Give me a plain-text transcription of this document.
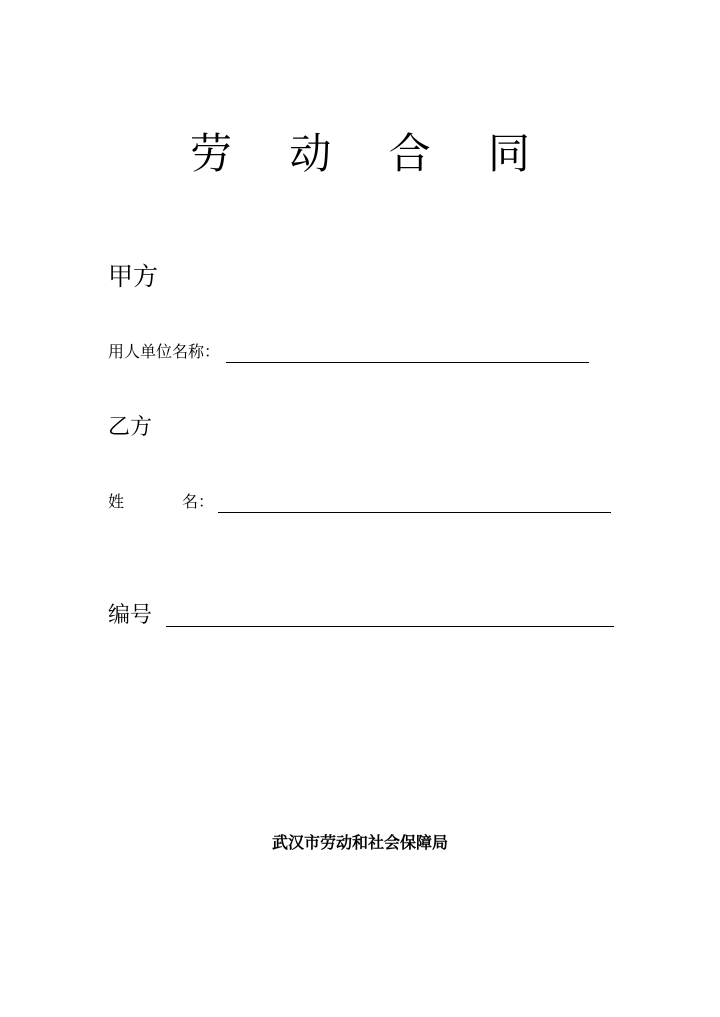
劳 动 合 同
甲方
用人单位名称：
乙方
姓	名：
编号
武汉市劳动和社会保障局
